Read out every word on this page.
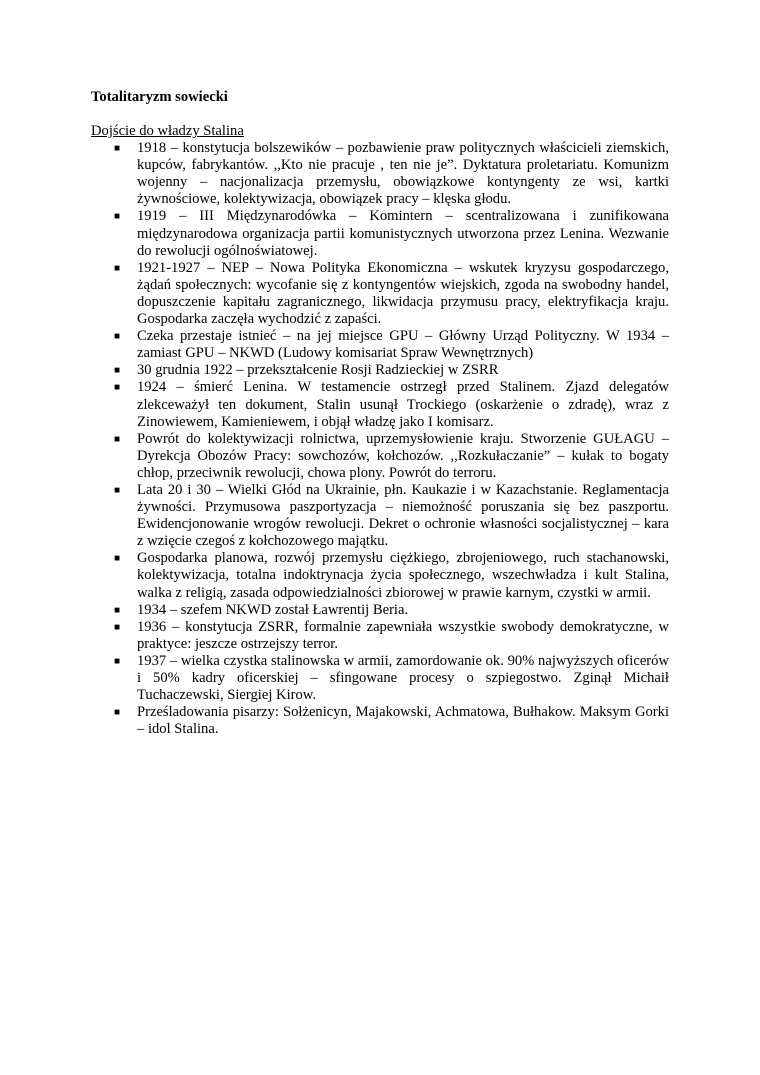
Totalitaryzm sowiecki

Dojście do władzy Stalina

■ 1918 – konstytucja bolszewików – pozbawienie praw politycznych właścicieli ziemskich, kupców, fabrykantów. ,,Kto nie pracuje , ten nie je”. Dyktatura proletariatu. Komunizm wojenny – nacjonalizacja przemysłu, obowiązkowe kontyngenty ze wsi, kartki żywnościowe, kolektywizacja, obowiązek pracy – klęska głodu.
■ 1919 – III Międzynarodówka – Komintern – scentralizowana i zunifikowana międzynarodowa organizacja partii komunistycznych utworzona przez Lenina. Wezwanie do rewolucji ogólnoświatowej.
■ 1921-1927 – NEP – Nowa Polityka Ekonomiczna – wskutek kryzysu gospodarczego, żądań społecznych: wycofanie się z kontyngentów wiejskich, zgoda na swobodny handel, dopuszczenie kapitału zagranicznego, likwidacja przymusu pracy, elektryfikacja kraju. Gospodarka zaczęła wychodzić z zapaści.
■ Czeka przestaje istnieć – na jej miejsce GPU – Główny Urząd Polityczny. W 1934 – zamiast GPU – NKWD (Ludowy komisariat Spraw Wewnętrznych)
■ 30 grudnia 1922 – przekształcenie Rosji Radzieckiej w ZSRR
■ 1924 – śmierć Lenina. W testamencie ostrzegł przed Stalinem. Zjazd delegatów zlekceważył ten dokument, Stalin usunął Trockiego (oskarżenie o zdradę), wraz z Zinowiewem, Kamieniewem, i objął władzę jako I komisarz.
■ Powrót do kolektywizacji rolnictwa, uprzemysłowienie kraju. Stworzenie GUŁAGU – Dyrekcja Obozów Pracy: sowchozów, kołchozów. ,,Rozkułaczanie” – kułak to bogaty chłop, przeciwnik rewolucji, chowa plony. Powrót do terroru.
■ Lata 20 i 30 – Wielki Głód na Ukrainie, płn. Kaukazie i w Kazachstanie. Reglamentacja żywności. Przymusowa paszportyzacja – niemożność poruszania się bez paszportu. Ewidencjonowanie wrogów rewolucji. Dekret o ochronie własności socjalistycznej – kara z wzięcie czegoś z kołchozowego majątku.
■ Gospodarka planowa, rozwój przemysłu ciężkiego, zbrojeniowego, ruch stachanowski, kolektywizacja, totalna indoktrynacja życia społecznego, wszechwładza i kult Stalina, walka z religią, zasada odpowiedzialności zbiorowej w prawie karnym, czystki w armii.
■ 1934 – szefem NKWD został Ławrentij Beria.
■ 1936 – konstytucja ZSRR, formalnie zapewniała wszystkie swobody demokratyczne, w praktyce: jeszcze ostrzejszy terror.
■ 1937 – wielka czystka stalinowska w armii, zamordowanie ok. 90% najwyższych oficerów i 50% kadry oficerskiej – sfingowane procesy o szpiegostwo. Zginął Michaił Tuchaczewski, Siergiej Kirow.
■ Prześladowania pisarzy: Sołżenicyn, Majakowski, Achmatowa, Bułhakow. Maksym Gorki – idol Stalina.
